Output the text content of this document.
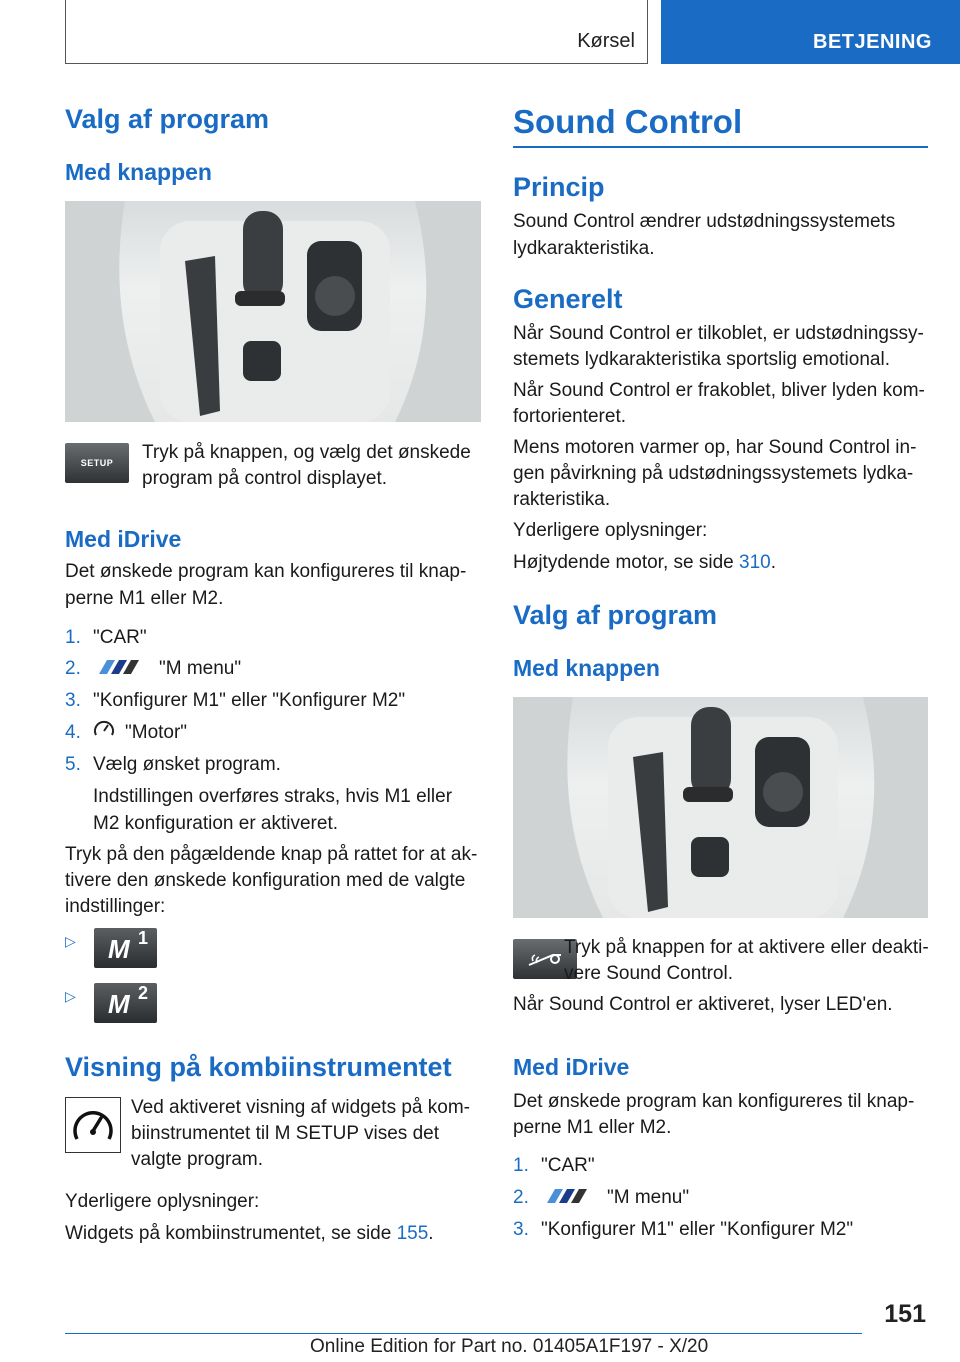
Kørsel	BETJENING
Valg af program
Med knappen
SETUP	Tryk på knappen, og vælg det ønskede
program på control displayet.
Med iDrive
Det ønskede program kan konfigureres til knap-
perne M1 eller M2.
1. "CAR"
2.	"M menu"
3. "Konfigurer M1" eller "Konfigurer M2"
4. "Motor"
5. Vælg ønsket program.
Indstillingen overføres straks, hvis M1 eller
M2 konfiguration er aktiveret.
Tryk på den pågældende knap på rattet for at ak-
tivere den ønskede konfiguration med de valgte
indstillinger:
▷ M 1
▷ M 2
Visning på kombiinstrumentet
Ved aktiveret visning af widgets på kom-
biinstrumentet til M SETUP vises det
valgte program.
Yderligere oplysninger:
Widgets på kombiinstrumentet, se side 155.
Sound Control
Princip
Sound Control ændrer udstødningssystemets
lydkarakteristika.
Generelt
Når Sound Control er tilkoblet, er udstødningssy-
stemets lydkarakteristika sportslig emotional.
Når Sound Control er frakoblet, bliver lyden kom-
fortorienteret.
Mens motoren varmer op, har Sound Control in-
gen påvirkning på udstødningssystemets lydka-
rakteristika.
Yderligere oplysninger:
Højtydende motor, se side 310.
Valg af program
Med knappen
Tryk på knappen for at aktivere eller deakti-
vere Sound Control.
Når Sound Control er aktiveret, lyser LED'en.
Med iDrive
Det ønskede program kan konfigureres til knap-
perne M1 eller M2.
1. "CAR"
2.	"M menu"
3. "Konfigurer M1" eller "Konfigurer M2"
151
Online Edition for Part no. 01405A1F197 - X/20
